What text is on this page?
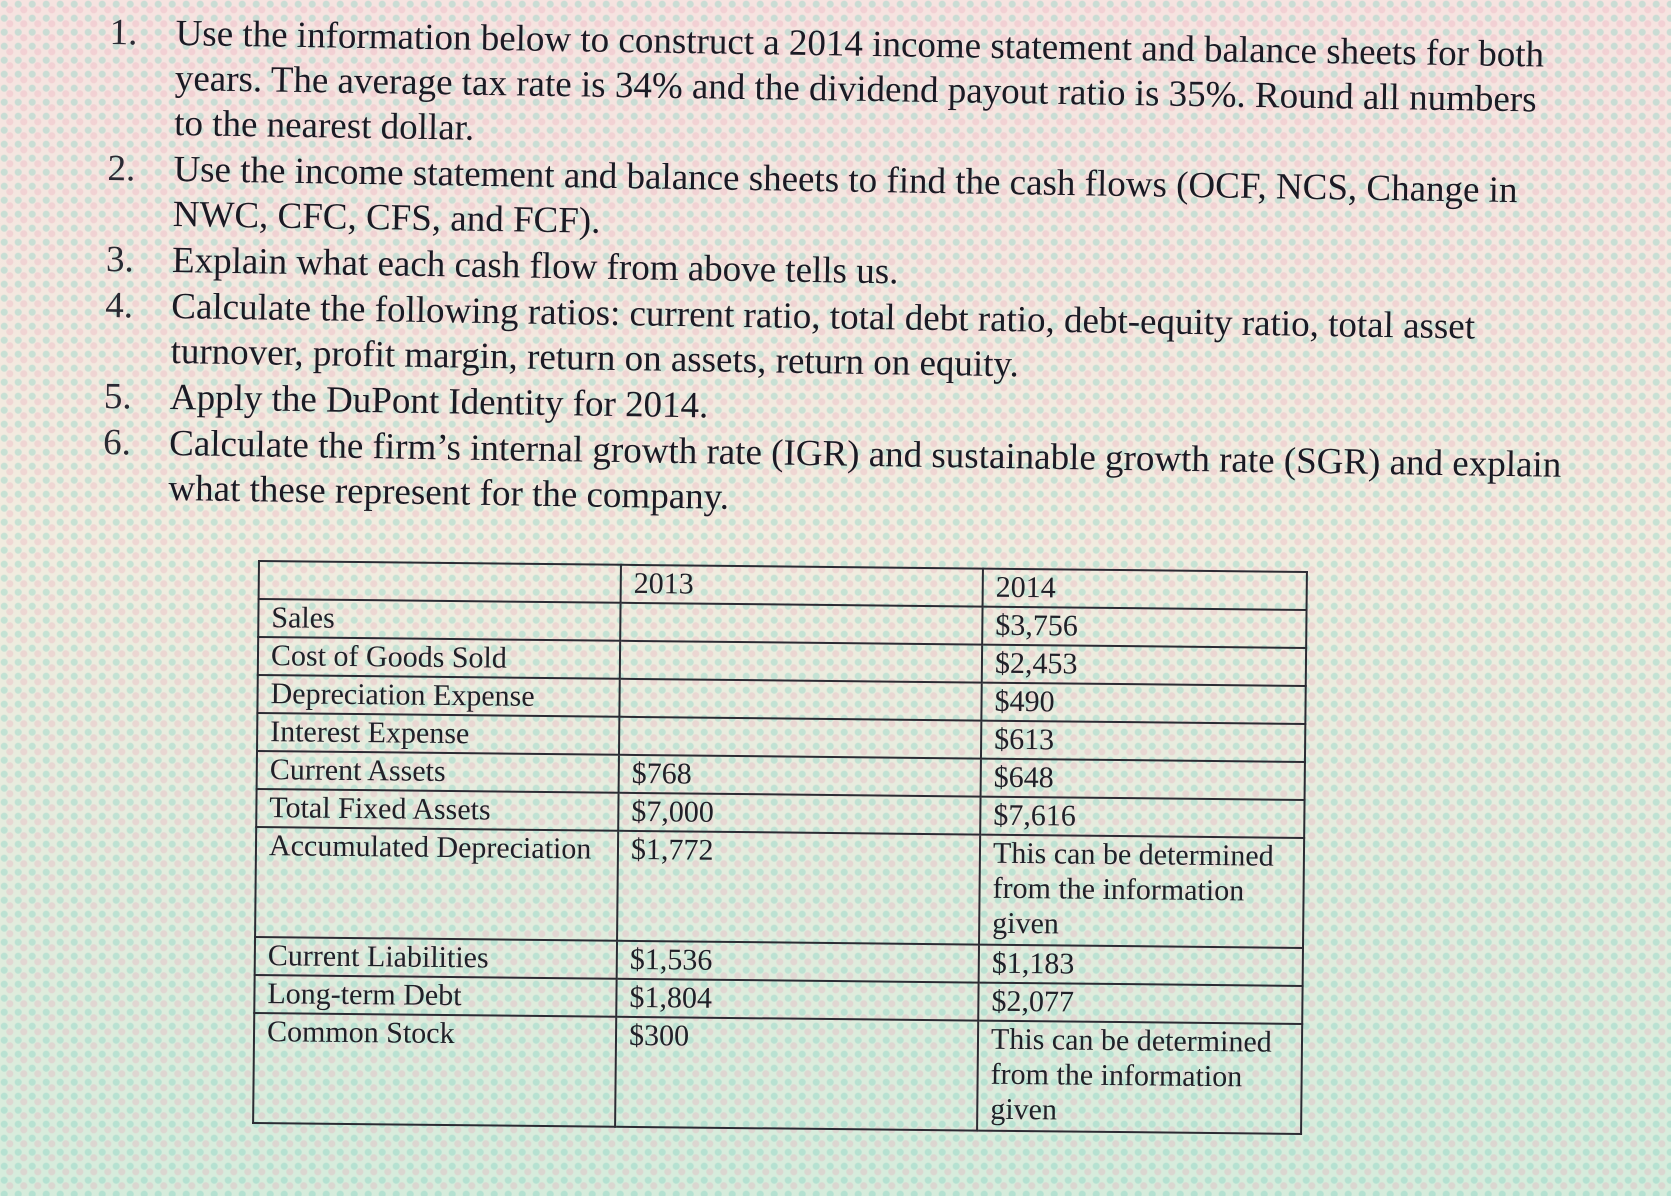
1.	Use the information below to construct a 2014 income statement and balance sheets for both years. The average tax rate is 34% and the dividend payout ratio is 35%. Round all numbers to the nearest dollar.
2.	Use the income statement and balance sheets to find the cash flows (OCF, NCS, Change in NWC, CFC, CFS, and FCF).
3.	Explain what each cash flow from above tells us.
4.	Calculate the following ratios: current ratio, total debt ratio, debt-equity ratio, total asset turnover, profit margin, return on assets, return on equity.
5.	Apply the DuPont Identity for 2014.
6.	Calculate the firm’s internal growth rate (IGR) and sustainable growth rate (SGR) and explain what these represent for the company.
	2013	2014
Sales		$3,756
Cost of Goods Sold		$2,453
Depreciation Expense		$490
Interest Expense		$613
Current Assets	$768	$648
Total Fixed Assets	$7,000	$7,616
Accumulated Depreciation	$1,772	This can be determined from the information given
Current Liabilities	$1,536	$1,183
Long-term Debt	$1,804	$2,077
Common Stock	$300	This can be determined from the information given
